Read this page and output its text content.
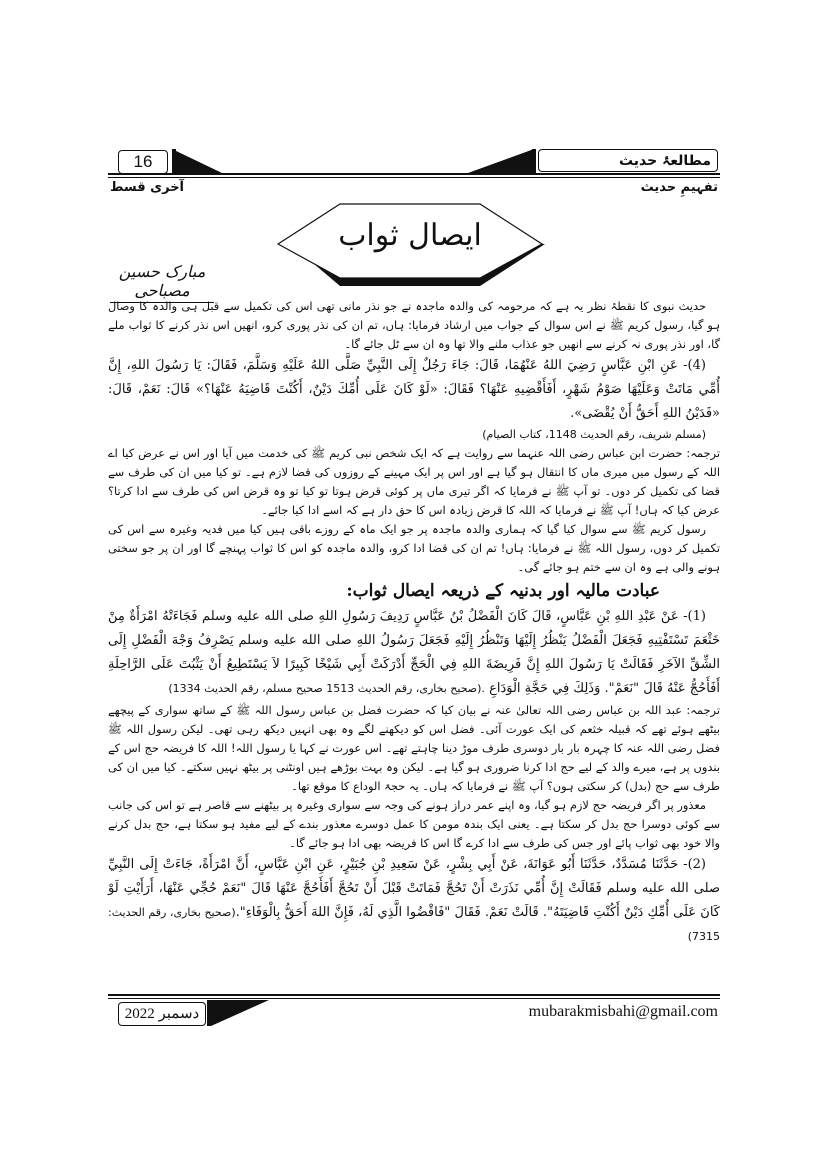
16	مطالعۂ حدیث
آخری قسط	تفہیمِ حدیث
ایصال ثواب
مبارک حسین مصباحی

حدیث نبوی کا نقطۂ نظر یہ ہے کہ مرحومہ کی والدہ ماجدہ نے جو نذر مانی تھی اس کی تکمیل سے قبل ہی والدہ کا وصال ہو گیا، رسول کریم ﷺ نے اس سوال کے جواب میں ارشاد فرمایا: ہاں، تم ان کی نذر پوری کرو، انھیں اس نذر کرنے کا ثواب ملے گا، اور نذر پوری نہ کرنے سے انھیں جو عذاب ملنے والا تھا وہ ان سے ٹل جائے گا۔

(4)- عَنِ ابْنِ عَبَّاسٍ رَضِيَ اللهُ عَنْهُمَا، قَالَ: جَاءَ رَجُلٌ إِلَى النَّبِيِّ صَلَّى اللهُ عَلَيْهِ وَسَلَّمَ، فَقَالَ: يَا رَسُولَ اللهِ، إِنَّ أُمِّي مَاتَتْ وَعَلَيْهَا صَوْمُ شَهْرٍ، أَفَأَقْضِيهِ عَنْهَا؟ فَقَالَ: «لَوْ كَانَ عَلَى أُمِّكَ دَيْنٌ، أَكُنْتَ قَاضِيَهُ عَنْهَا؟» قَالَ: نَعَمْ، قَالَ: «فَدَيْنُ اللهِ أَحَقُّ أَنْ يُقْضَى».

(مسلم شریف، رقم الحدیث 1148، کتاب الصیام)

ترجمہ: حضرت ابن عباس رضی اللہ عنہما سے روایت ہے کہ ایک شخص نبی کریم ﷺ کی خدمت میں آیا اور اس نے عرض کیا اے اللہ کے رسول میں میری ماں کا انتقال ہو گیا ہے اور اس پر ایک مہینے کے روزوں کی قضا لازم ہے۔ تو کیا میں ان کی طرف سے قضا کی تکمیل کر دوں۔ تو آپ ﷺ نے فرمایا کہ اگر تیری ماں پر کوئی قرض ہوتا تو کیا تو وہ قرض اس کی طرف سے ادا کرتا؟ عرض کیا کہ ہاں! آپ ﷺ نے فرمایا کہ اللہ کا قرض زیادہ اس کا حق دار ہے کہ اسے ادا کیا جائے۔

رسول کریم ﷺ سے سوال کیا گیا کہ ہماری والدہ ماجدہ پر جو ایک ماہ کے روزے باقی ہیں کیا میں فدیہ وغیرہ سے اس کی تکمیل کر دوں، رسول اللہ ﷺ نے فرمایا: ہاں! تم ان کی قضا ادا کرو، والدہ ماجدہ کو اس کا ثواب پہنچے گا اور ان پر جو سختی ہونے والی ہے وہ ان سے ختم ہو جائے گی۔

عبادت مالیہ اور بدنیہ کے ذریعہ ایصال ثواب:

(1)- عَنْ عَبْدِ اللهِ بْنِ عَبَّاسٍ، قَالَ كَانَ الْفَضْلُ بْنُ عَبَّاسٍ رَدِيفَ رَسُولِ اللهِ صلى الله عليه وسلم فَجَاءَتْهُ امْرَأَةٌ مِنْ خَثْعَمَ تَسْتَفْتِيهِ فَجَعَلَ الْفَضْلُ يَنْظُرُ إِلَيْهَا وَتَنْظُرُ إِلَيْهِ فَجَعَلَ رَسُولُ اللهِ صلى الله عليه وسلم يَصْرِفُ وَجْهَ الْفَضْلِ إِلَى الشِّقِّ الآخَرِ فَقَالَتْ يَا رَسُولَ اللهِ إِنَّ فَرِيضَةَ اللهِ فِي الْحَجِّ أَدْرَكَتْ أَبِي شَيْخًا كَبِيرًا لاَ يَسْتَطِيعُ أَنْ يَثْبُتَ عَلَى الرَّاحِلَةِ أَفَأَحُجُّ عَنْهُ قَالَ "نَعَمْ". وَذَلِكَ فِي حَجَّةِ الْوَدَاعِ .(صحیح بخاری، رقم الحدیث 1513 صحیح مسلم، رقم الحدیث 1334)

ترجمہ: عبد اللہ بن عباس رضی اللہ تعالیٰ عنہ نے بیان کیا کہ حضرت فضل بن عباس رسول اللہ ﷺ کے ساتھ سواری کے پیچھے بیٹھے ہوئے تھے کہ قبیلہ خثعم کی ایک عورت آئی۔ فضل اس کو دیکھنے لگے وہ بھی انہیں دیکھ رہی تھی۔ لیکن رسول اللہ ﷺ فضل رضی اللہ عنہ کا چہرہ بار بار دوسری طرف موڑ دینا چاہتے تھے۔ اس عورت نے کہا یا رسول اللہ! اللہ کا فریضہ حج اس کے بندوں پر ہے، میرے والد کے لیے حج ادا کرنا ضروری ہو گیا ہے۔ لیکن وہ بہت بوڑھے ہیں اونٹنی پر بیٹھ نہیں سکتے۔ کیا میں ان کی طرف سے حج (بدل) کر سکتی ہوں؟ آپ ﷺ نے فرمایا کہ ہاں۔ یہ حجۃ الوداع کا موقع تھا۔

معذور پر اگر فریضہ حج لازم ہو گیا، وہ اپنے عمر دراز ہونے کی وجہ سے سواری وغیرہ پر بیٹھنے سے قاصر ہے تو اس کی جانب سے کوئی دوسرا حج بدل کر سکتا ہے۔ یعنی ایک بندہ مومن کا عمل دوسرے معذور بندے کے لیے مفید ہو سکتا ہے، حج بدل کرنے والا خود بھی ثواب پائے اور جس کی طرف سے ادا کرے گا اس کا فریضہ بھی ادا ہو جائے گا۔

(2)- حَدَّثَنَا مُسَدَّدٌ، حَدَّثَنَا أَبُو عَوَانَةَ، عَنْ أَبِي بِشْرٍ، عَنْ سَعِيدِ بْنِ جُبَيْرٍ، عَنِ ابْنِ عَبَّاسٍ، أَنَّ امْرَأَةً، جَاءَتْ إِلَى النَّبِيِّ صلى الله عليه وسلم فَقَالَتْ إِنَّ أُمِّي نَذَرَتْ أَنْ تَحُجَّ فَمَاتَتْ قَبْلَ أَنْ تَحُجَّ أَفَأَحُجَّ عَنْهَا قَالَ "نَعَمْ حُجِّي عَنْهَا، أَرَأَيْتِ لَوْ كَانَ عَلَى أُمِّكِ دَيْنٌ أَكُنْتِ قَاضِيَتَهُ". قَالَتْ نَعَمْ. فَقَالَ "فَاقْضُوا الَّذِي لَهُ، فَإِنَّ اللهَ أَحَقُّ بِالْوَفَاءِ".(صحیح بخاری، رقم الحدیث: 7315)

دسمبر 2022	mubarakmisbahi@gmail.com
